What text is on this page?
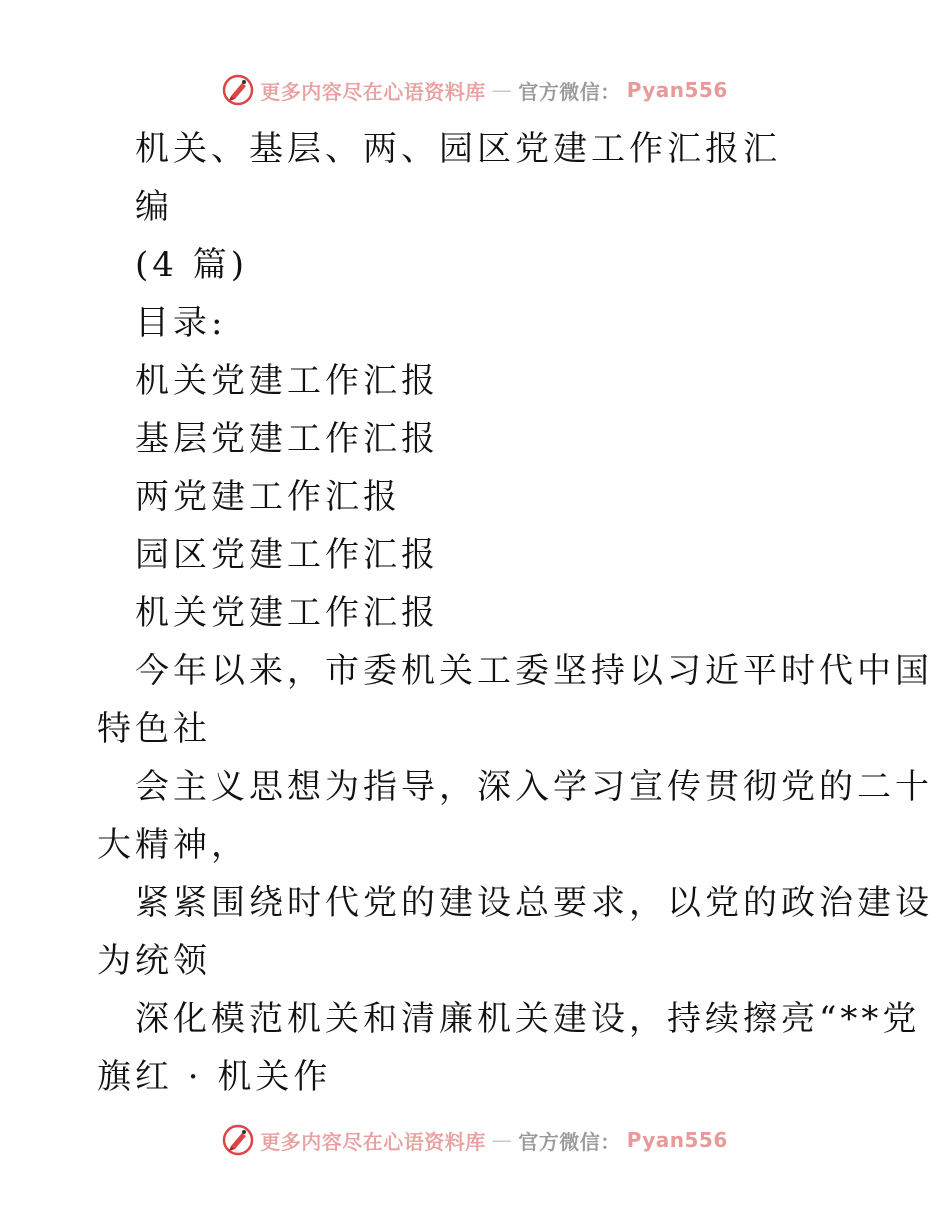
更多内容尽在心语资料库 — 官方微信： Pyan556
机关、基层、两、园区党建工作汇报汇
编
(4 篇)
目录:
机关党建工作汇报
基层党建工作汇报
两党建工作汇报
园区党建工作汇报
机关党建工作汇报
今年以来，市委机关工委坚持以习近平时代中国
特色社
会主义思想为指导，深入学习宣传贯彻党的二十
大精神，
紧紧围绕时代党的建设总要求，以党的政治建设
为统领
深化模范机关和清廉机关建设，持续擦亮“**党
旗红 · 机关作
更多内容尽在心语资料库 — 官方微信： Pyan556
